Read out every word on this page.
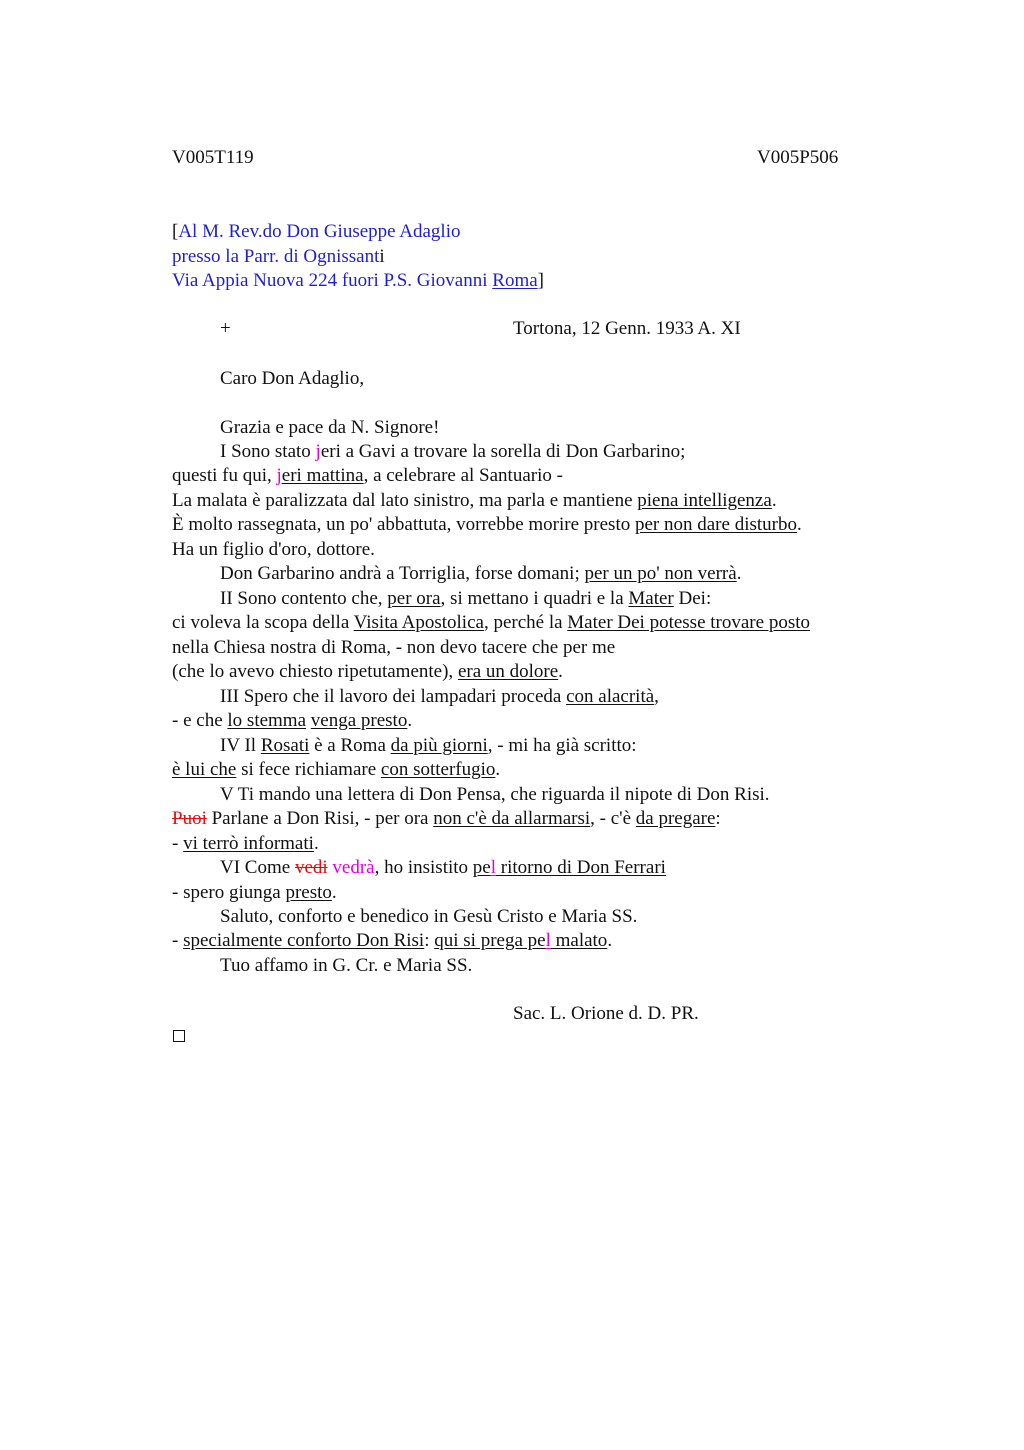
V005T119	V005P506
[Al M. Rev.do Don Giuseppe Adaglio
presso la Parr. di Ognissanti
Via Appia Nuova 224 fuori P.S. Giovanni Roma]
+	Tortona, 12 Genn. 1933 A. XI
Caro Don Adaglio,
Grazia e pace da N. Signore!
I Sono stato jeri a Gavi a trovare la sorella di Don Garbarino;
questi fu qui, jeri mattina, a celebrare al Santuario -
La malata è paralizzata dal lato sinistro, ma parla e mantiene piena intelligenza.
È molto rassegnata, un po' abbattuta, vorrebbe morire presto per non dare disturbo.
Ha un figlio d'oro, dottore.
Don Garbarino andrà a Torriglia, forse domani; per un po' non verrà.
II Sono contento che, per ora, si mettano i quadri e la Mater Dei:
ci voleva la scopa della Visita Apostolica, perché la Mater Dei potesse trovare posto
nella Chiesa nostra di Roma, - non devo tacere che per me
(che lo avevo chiesto ripetutamente), era un dolore.
III Spero che il lavoro dei lampadari proceda con alacrità,
- e che lo stemma venga presto.
IV Il Rosati è a Roma da più giorni, - mi ha già scritto:
è lui che si fece richiamare con sotterfugio.
V Ti mando una lettera di Don Pensa, che riguarda il nipote di Don Risi.
Puoi Parlane a Don Risi, - per ora non c'è da allarmarsi, - c'è da pregare:
- vi terrò informati.
VI Come vedi vedrà, ho insistito pel ritorno di Don Ferrari
- spero giunga presto.
Saluto, conforto e benedico in Gesù Cristo e Maria SS.
- specialmente conforto Don Risi: qui si prega pel malato.
Tuo affamo in G. Cr. e Maria SS.
Sac. L. Orione d. D. PR.
